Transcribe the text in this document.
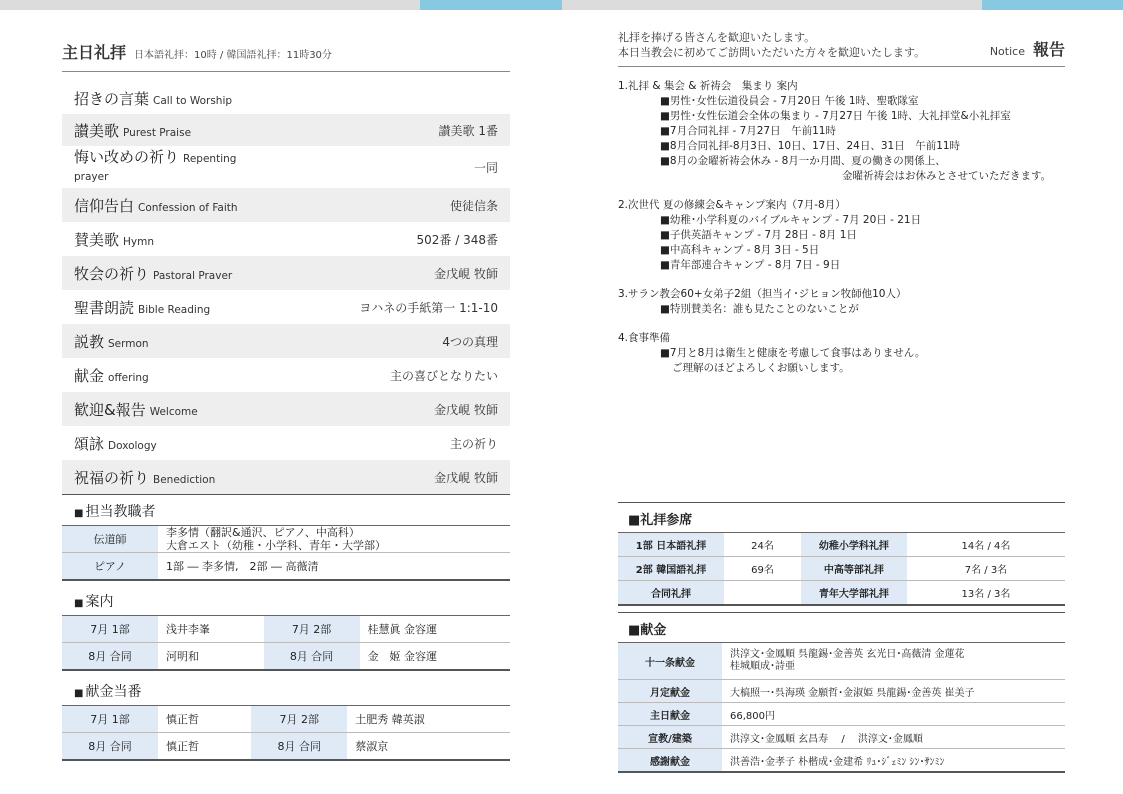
主日礼拝 日本語礼拝：10時 / 韓国語礼拝：11時30分
招きの言葉 Call to Worship
讃美歌 Purest Praise	讃美歌 1番
悔い改めの祈り Repenting prayer
一同
信仰告白 Confession of Faith	使徒信条
賛美歌 Hymn	502番 / 348番
牧会の祈り Pastoral Praver	金戊峴 牧師
聖書朗読 Bible Reading	ヨハネの手紙第一 1:1-10
説教 Sermon	4つの真理
献金 offering	主の喜びとなりたい
歓迎&報告 Welcome	金戊峴 牧師
頌詠 Doxology	主の祈り
祝福の祈り Benediction	金戊峴 牧師
■ 担当教職者
伝道師	李多情（翻訳&通沢、ピアノ、中高科）
大倉エスト（幼稚・小学科、青年・大学部）

ピアノ	1部 ― 李多情,　2部 ― 高薇清
■ 案内
7月 1部	浅井李峯	7月 2部	桂慧眞 金容運
8月 合同	河明和	8月 合同	金　姬 金容運
■ 献金当番
7月 1部	慎正哲	7月 2部	土肥秀 韓英淑
8月 合同	慎正哲	8月 合同	蔡淑京
礼拝を捧げる皆さんを歓迎いたします。
本日当教会に初めてご訪問いただいた方々を歓迎いたします。	Notice 報告
1.礼拝 & 集会 & 祈祷会　集まり 案内
■男性･女性伝道役員会 - 7月20日 午後 1時、聖歌隊室
■男性･女性伝道会全体の集まり - 7月27日 午後 1時、大礼拝堂&小礼拝室
■7月合同礼拝 - 7月27日　午前11時
■8月合同礼拝-8月3日、10日、17日、24日、31日　午前11時
■8月の金曜祈祷会休み - 8月一か月間、夏の働きの関係上、
金曜祈祷会はお休みとさせていただきます。
2.次世代 夏の修練会&キャンプ案内（7月-8月）
■幼稚･小学科夏のバイブルキャンプ - 7月 20日 - 21日
■子供英語キャンプ - 7月 28日 - 8月 1日
■中高科キャンプ - 8月 3日 - 5日
■青年部連合キャンプ - 8月 7日 - 9日
3.サラン教会60+女弟子2組（担当イ･ジヒョン牧師他10人）
■特別賛美名：誰も見たことのないことが
4.食事準備
■7月と8月は衛生と健康を考慮して食事はありません。
ご理解のほどよろしくお願いします。
■礼拝参席
1部 日本語礼拝	24名	幼稚小学科礼拝	14名 / 4名
2部 韓国語礼拝	69名	中高等部礼拝	7名 / 3名
合同礼拝		青年大学部礼拝	13名 / 3名
■献金
十一条献金	洪淳文･金鳳順 呉龍錫･金善英 玄光日･高薇清 金蓮花
桂城順成･詩亜

月定献金	大槁照一･呉海瑛 金願哲･金淑姫 呉龍錫･金善英 崔美子
主日献金	66,800円
宣教/建築	洪淳文･金鳳順 玄昌寿　 /　 洪淳文･金鳳順
感謝献金	洪善浩･金孝子 朴楷成･金建希 ﾘｭ･ｼﾞｪﾐﾝ ｼﾝ･ｻﾝﾐﾝ
